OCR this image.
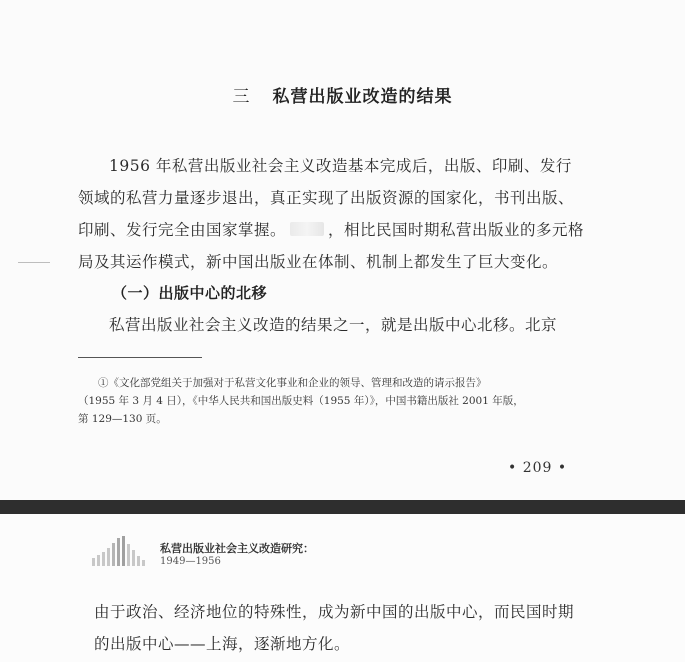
三 私营出版业改造的结果
1956 年私营出版业社会主义改造基本完成后，出版、印刷、发行
领域的私营力量逐步退出，真正实现了出版资源的国家化，书刊出版、
印刷、发行完全由国家掌握。	，相比民国时期私营出版业的多元格
局及其运作模式，新中国出版业在体制、机制上都发生了巨大变化。
（一）出版中心的北移
私营出版业社会主义改造的结果之一，就是出版中心北移。北京
①《文化部党组关于加强对于私营文化事业和企业的领导、管理和改造的请示报告》
（1955 年 3 月 4 日），《中华人民共和国出版史料（1955 年）》，中国书籍出版社 2001 年版，
第 129—130 页。
• 209 •
私营出版业社会主义改造研究：
1949—1956
由于政治、经济地位的特殊性，成为新中国的出版中心，而民国时期
的出版中心——上海，逐渐地方化。
